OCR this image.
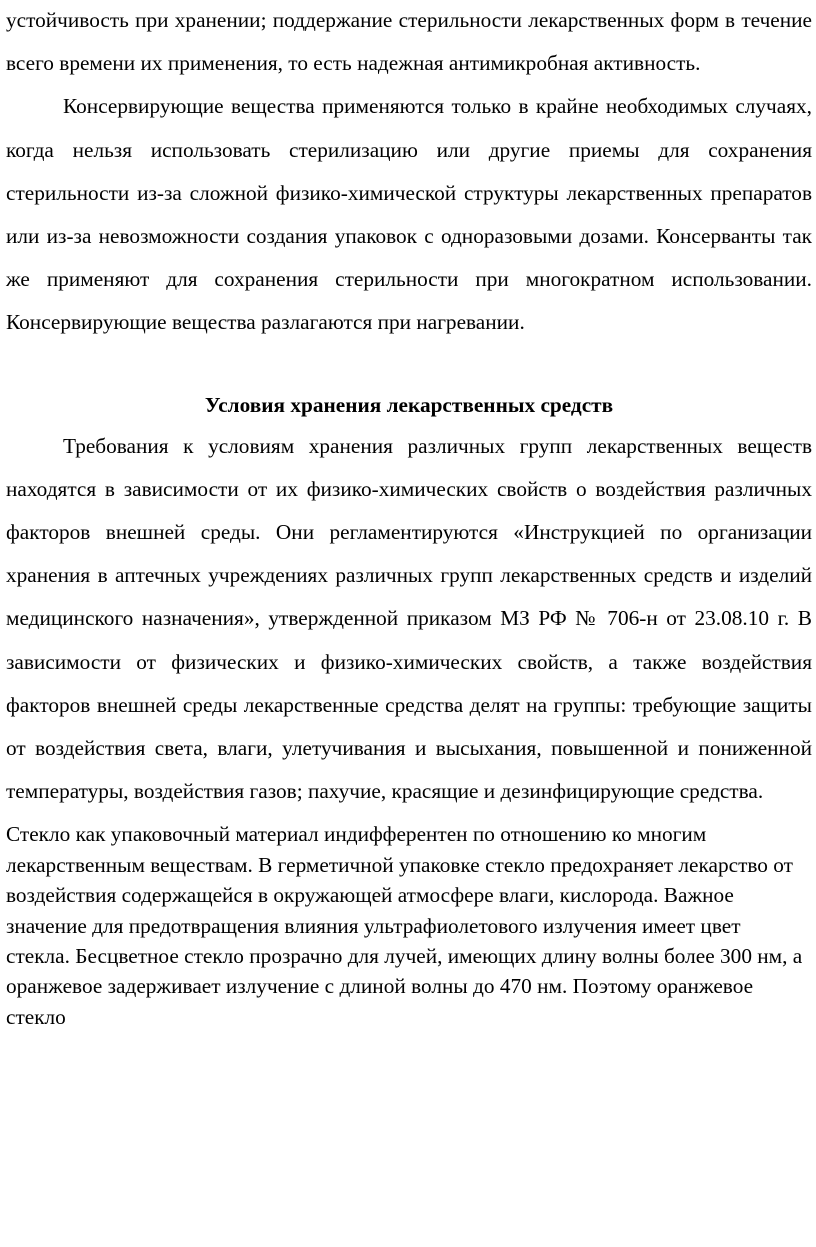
устойчивость при хранении; поддержание стерильности лекарственных форм в течение всего времени их применения, то есть надежная антимикробная активность.

Консервирующие вещества применяются только в крайне необходимых случаях, когда нельзя использовать стерилизацию или другие приемы для сохранения стерильности из-за сложной физико-химической структуры лекарственных препаратов или из-за невозможности создания упаковок с одноразовыми дозами. Консерванты так же применяют для сохранения стерильности при многократном использовании. Консервирующие вещества разлагаются при нагревании.

Условия хранения лекарственных средств

Требования к условиям хранения различных групп лекарственных веществ находятся в зависимости от их физико-химических свойств о воздействия различных факторов внешней среды. Они регламентируются «Инструкцией по организации хранения в аптечных учреждениях различных групп лекарственных средств и изделий медицинского назначения», утвержденной приказом МЗ РФ № 706-н от 23.08.10 г. В зависимости от физических и физико-химических свойств, а также воздействия факторов внешней среды лекарственные средства делят на группы: требующие защиты от воздействия света, влаги, улетучивания и высыхания, повышенной и пониженной температуры, воздействия газов; пахучие, красящие и дезинфицирующие средства.

Стекло как упаковочный материал индифферентен по отношению ко многим лекарственным веществам. В герметичной упаковке стекло предохраняет лекарство от воздействия содержащейся в окружающей атмосфере влаги, кислорода. Важное значение для предотвращения влияния ультрафиолетового излучения имеет цвет стекла. Бесцветное стекло прозрачно для лучей, имеющих длину волны более 300 нм, а оранжевое задерживает излучение с длиной волны до 470 нм. Поэтому оранжевое стекло
